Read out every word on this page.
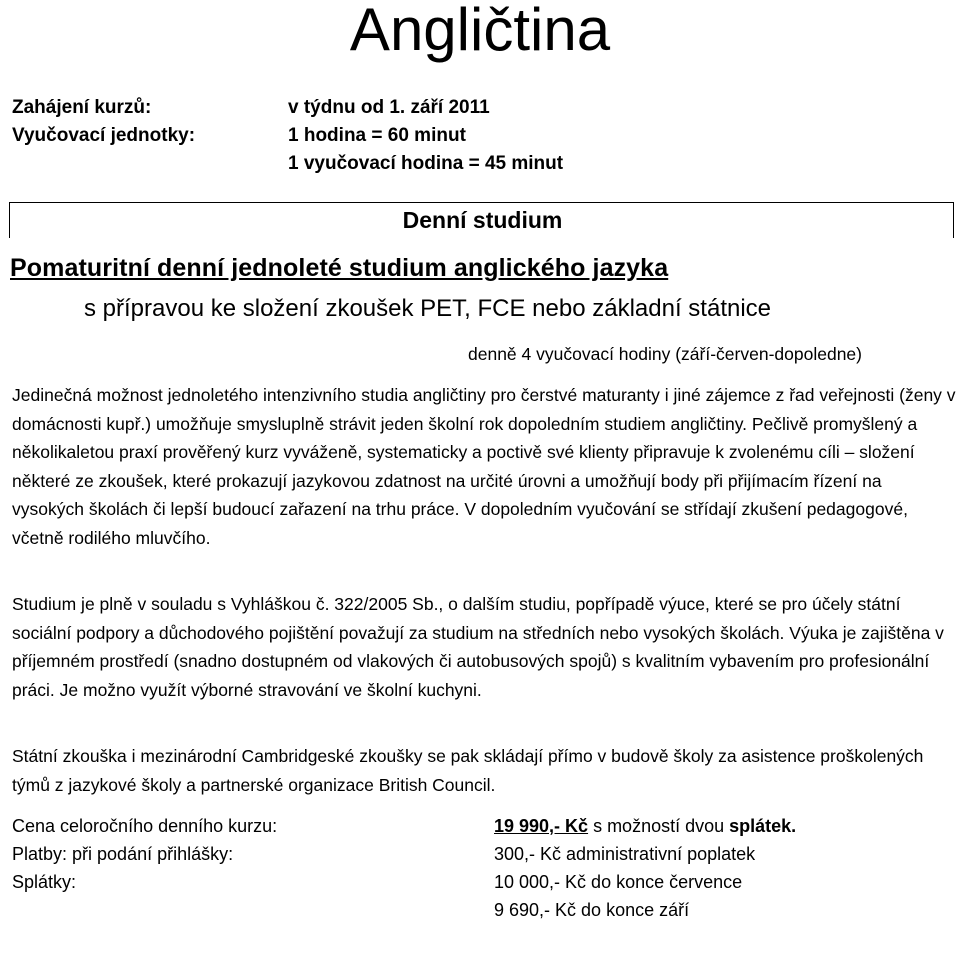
Angličtina
Zahájení kurzů:	v týdnu od 1. září 2011
Vyučovací jednotky:	1 hodina = 60 minut
1 vyučovací hodina = 45 minut
Denní studium
Pomaturitní denní jednoleté studium anglického jazyka
s přípravou ke složení zkoušek PET, FCE nebo základní státnice
denně 4 vyučovací hodiny (září-červen-dopoledne)

Jedinečná možnost jednoletého intenzivního studia angličtiny pro čerstvé maturanty i jiné zájemce z řad veřejnosti (ženy v domácnosti kupř.) umožňuje smysluplně strávit jeden školní rok dopoledním studiem angličtiny. Pečlivě promyšlený a několikaletou praxí prověřený kurz vyváženě, systematicky a poctivě své klienty připravuje k zvolenému cíli – složení některé ze zkoušek, které prokazují jazykovou zdatnost na určité úrovni a umožňují body při přijímacím řízení na vysokých školách či lepší budoucí zařazení na trhu práce. V dopoledním vyučování se střídají zkušení pedagogové, včetně rodilého mluvčího.

Studium je plně v souladu s Vyhláškou č. 322/2005 Sb., o dalším studiu, popřípadě výuce, které se pro účely státní sociální podpory a důchodového pojištění považují za studium na středních nebo vysokých školách. Výuka je zajištěna v příjemném prostředí (snadno dostupném od vlakových či autobusových spojů) s kvalitním vybavením pro profesionální práci. Je možno využít výborné stravování ve školní kuchyni.

Státní zkouška i mezinárodní Cambridgeské zkoušky se pak skládají přímo v budově školy za asistence proškolených týmů z jazykové školy a partnerské organizace British Council.

Cena celoročního denního kurzu:	19 990,- Kč s možností dvou splátek.
Platby: při podání přihlášky:	300,- Kč administrativní poplatek
Splátky:	10 000,- Kč do konce července
9 690,- Kč do konce září
